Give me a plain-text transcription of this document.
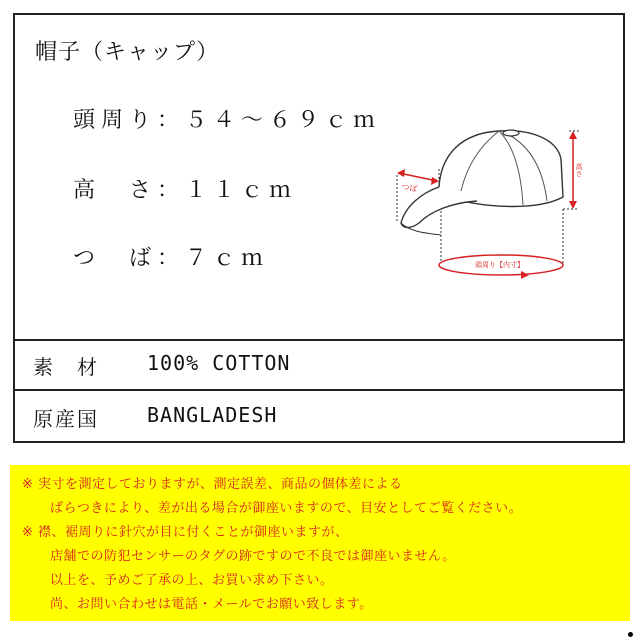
帽子（キャップ）
頭周り：５４〜６９ｃｍ
高　さ：１１ｃｍ
つ　ば：７ｃｍ
高さ
つば
頭周り【内寸】
素　材 100% COTTON
原産国 BANGLADESH
※ 実寸を測定しておりますが、測定誤差、商品の個体差による
ばらつきにより、差が出る場合が御座いますので、目安としてご覧ください。
※ 襟、裾周りに針穴が目に付くことが御座いますが、
店舗での防犯センサーのタグの跡ですので不良では御座いません。
以上を、予めご了承の上、お買い求め下さい。
尚、お問い合わせは電話・メールでお願い致します。
